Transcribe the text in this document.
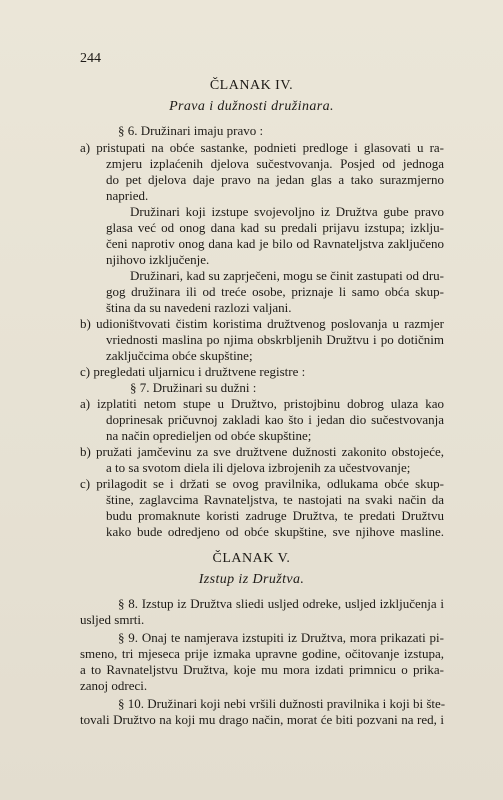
244
ČLANAK IV.
Prava i dužnosti družinara.
§ 6. Družinari imaju pravo :
a) pristupati na obće sastanke, podnieti predloge i glasovati u ra-
zmjeru izplaćenih djelova sučestvovanja. Posjed od jednoga
do pet djelova daje pravo na jedan glas a tako surazmjerno
napried.
Družinari koji izstupe svojevoljno iz Družtva gube pravo
glasa već od onog dana kad su predali prijavu izstupa; izklju-
čeni naprotiv onog dana kad je bilo od Ravnateljstva zaključeno
njihovo izključenje.
Družinari, kad su zaprječeni, mogu se činit zastupati od dru-
gog družinara ili od treće osobe, priznaje li samo obća skup-
ština da su navedeni razlozi valjani.
b) udioništvovati čistim koristima družtvenog poslovanja u razmjer
vriednosti maslina po njima obskrbljenih Družtvu i po dotičnim
zaključcima obće skupštine;
c) pregledati uljarnicu i družtvene registre :
§ 7. Družinari su dužni :
a) izplatiti netom stupe u Družtvo, pristojbinu dobrog ulaza kao
doprinesak pričuvnoj zakladi kao što i jedan dio sučestvovanja
na način opredieljen od obće skupštine;
b) pružati jamčevinu za sve družtvene dužnosti zakonito obstojeće,
a to sa svotom diela ili djelova izbrojenih za učestvovanje;
c) prilagodit se i držati se ovog pravilnika, odlukama obće skup-
štine, zaglavcima Ravnateljstva, te nastojati na svaki način da
budu promaknute koristi zadruge Družtva, te predati Družtvu
kako bude odredjeno od obće skupštine, sve njihove masline.
ČLANAK V.
Izstup iz Družtva.
§ 8. Izstup iz Družtva sliedi usljed odreke, usljed izključenja i
usljed smrti.
§ 9. Onaj te namjerava izstupiti iz Družtva, mora prikazati pi-
smeno, tri mjeseca prije izmaka upravne godine, očitovanje izstupa,
a to Ravnateljstvu Družtva, koje mu mora izdati primnicu o prika-
zanoj odreci.
§ 10. Družinari koji nebi vršili dužnosti pravilnika i koji bi šte-
tovali Družtvo na koji mu drago način, morat će biti pozvani na red, i
